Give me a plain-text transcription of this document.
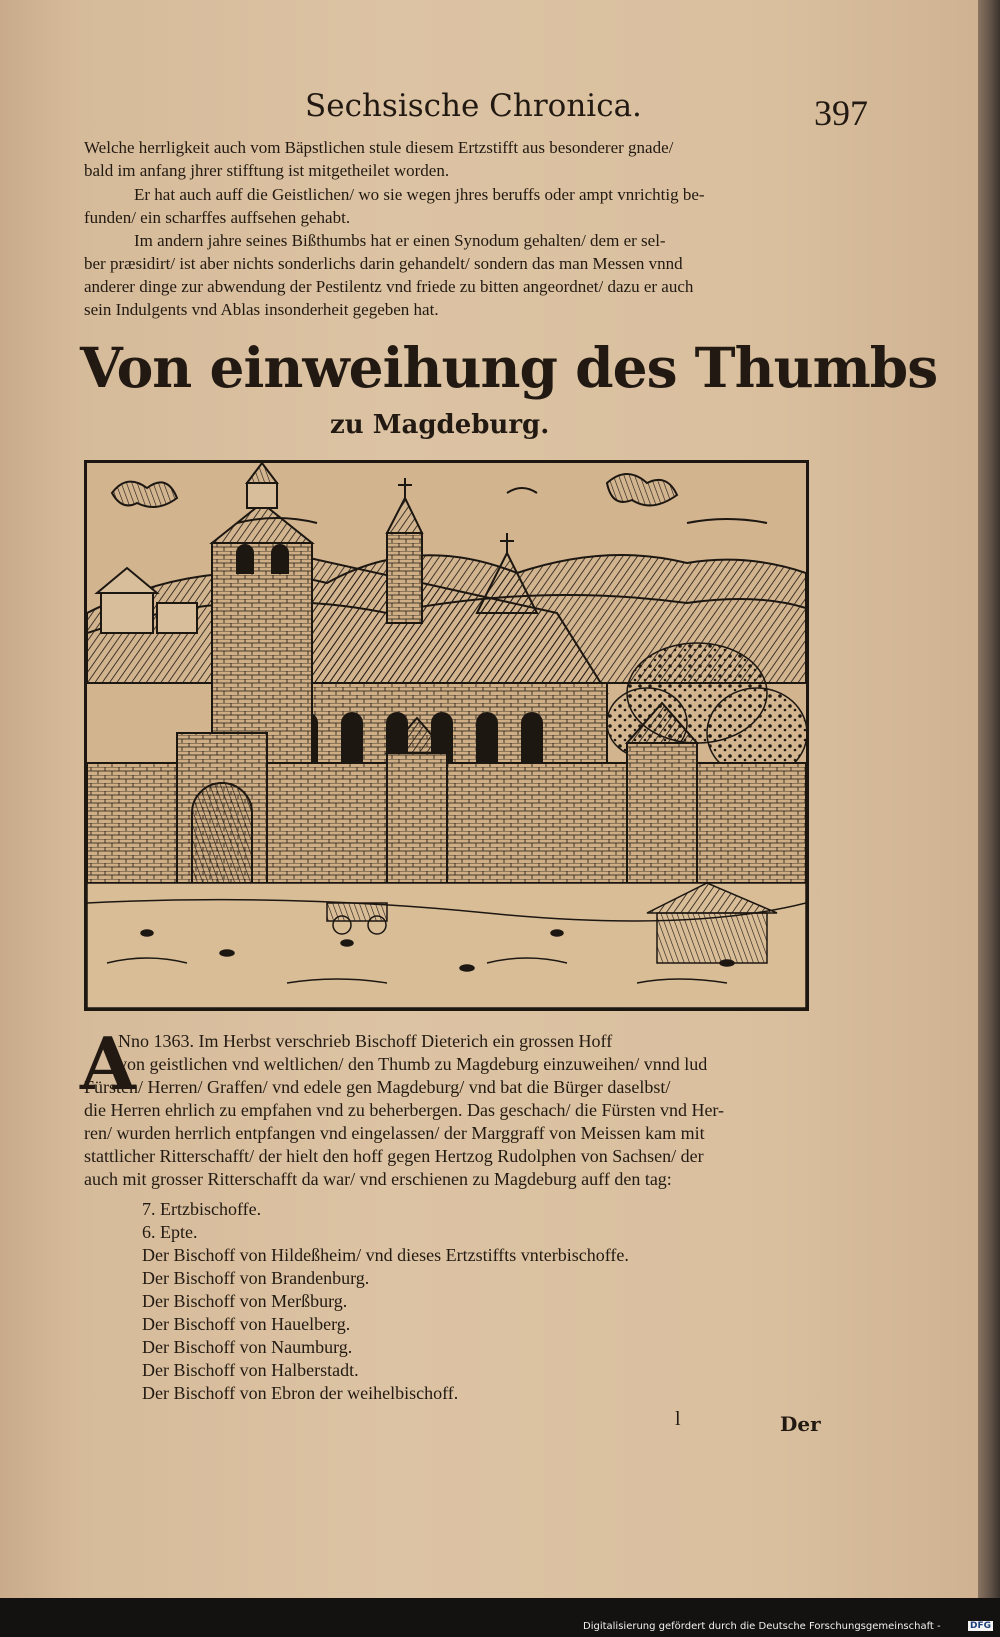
Sechsische Chronica.	397
Welche herrligkeit auch vom Bäpstlichen stule diesem Ertzstifft aus besonderer gnade/
bald im anfang jhrer stifftung ist mitgetheilet worden.
Er hat auch auff die Geistlichen/ wo sie wegen jhres beruffs oder ampt vnrichtig be-
funden/ ein scharffes auffsehen gehabt.
Im andern jahre seines Bißthumbs hat er einen Synodum gehalten/ dem er sel-
ber præsidirt/ ist aber nichts sonderlichs darin gehandelt/ sondern das man Messen vnnd
anderer dinge zur abwendung der Pestilentz vnd friede zu bitten angeordnet/ dazu er auch
sein Indulgents vnd Ablas insonderheit gegeben hat.
Von einweihung des Thumbs
zu Magdeburg.
A
Nno 1363. Im Herbst verschrieb Bischoff Dieterich ein grossen Hoff
von geistlichen vnd weltlichen/ den Thumb zu Magdeburg einzuweihen/ vnnd lud
Fürsten/ Herren/ Graffen/ vnd edele gen Magdeburg/ vnd bat die Bürger daselbst/
die Herren ehrlich zu empfahen vnd zu beherbergen. Das geschach/ die Fürsten vnd Her-
ren/ wurden herrlich entpfangen vnd eingelassen/ der Marggraff von Meissen kam mit
stattlicher Ritterschafft/ der hielt den hoff gegen Hertzog Rudolphen von Sachsen/ der
auch mit grosser Ritterschafft da war/ vnd erschienen zu Magdeburg auff den tag:
7. Ertzbischoffe.
6. Epte.
Der Bischoff von Hildeßheim/ vnd dieses Ertzstiffts vnterbischoffe.
Der Bischoff von Brandenburg.
Der Bischoff von Merßburg.
Der Bischoff von Hauelberg.
Der Bischoff von Naumburg.
Der Bischoff von Halberstadt.
Der Bischoff von Ebron der weihelbischoff.
l	Der
Digitalisierung gefördert durch die Deutsche Forschungsgemeinschaft -	DFG
